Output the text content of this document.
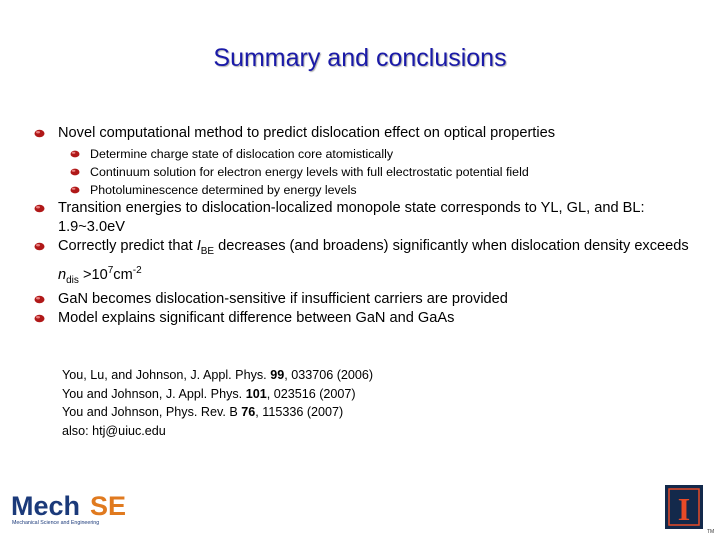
Summary and conclusions
Novel computational method to predict dislocation effect on optical properties
Determine charge state of dislocation core atomistically
Continuum solution for electron energy levels with full electrostatic potential field
Photoluminescence determined by energy levels
Transition energies to dislocation-localized monopole state corresponds to YL, GL, and BL: 1.9~3.0eV
Correctly predict that $I_{BE}$ decreases (and broadens) significantly when dislocation density exceeds $n_{dis} >10^7cm^{-2}$
GaN becomes dislocation-sensitive if insufficient carriers are provided
Model explains significant difference between GaN and GaAs
You, Lu, and Johnson, J. Appl. Phys. 99, 033706 (2006)
You and Johnson, J. Appl. Phys. 101, 023516 (2007)
You and Johnson, Phys. Rev. B 76, 115336 (2007)
also: htj@uiuc.edu
Mech SE
Mechanical Science and Engineering	I
TM
